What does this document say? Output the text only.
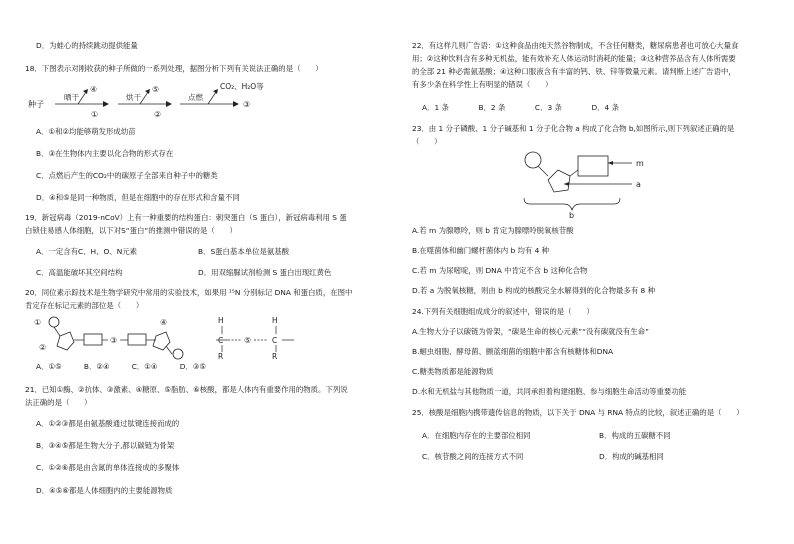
D．为蛙心的持续跳动提供能量
18．下图表示对刚收获的种子所做的一系列处理，据图分析下列有关说法正确的是（　　）
种子
晒干
④
①
烘干
⑤
②
点燃
CO₂、H₂O等
③
A．①和②均能够萌发形成幼苗
B．③在生物体内主要以化合物的形式存在
C．点燃后产生的CO₂中的碳原子全部来自种子中的糖类
D．④和⑤是同一种物质，但是在细胞中的存在形式和含量不同
19．新冠病毒（2019-nCoV）上有一种重要的结构蛋白：刺突蛋白（S 蛋白），新冠病毒利用 S 蛋
白锁住易感人体细胞，以下对S“蛋白”的推测中错误的是（　　）
A．一定含有C、H、O、N元素	B．S蛋白基本单位是氨基酸
C．高温能破坏其空间结构	D．用双缩脲试剂检测 S 蛋白出现红黄色
20．同位素示踪技术是生物学研究中常用的实验技术，如果用 ¹⁵N 分别标记 DNA 和蛋白质，在图中
肯定存在标记元素的部位是（　　）
①
②
③
④	H
C
R
⑤
H
C
R
A．①⑤　　　B．②④　　　C．①④　　　D．③⑤
21．已知①酶、②抗体、③激素、④糖原、⑤脂肪、⑥核酸，都是人体内有重要作用的物质。下列说
法正确的是（　　）
A．①②③都是由氨基酸通过肽键连接而成的
B．③④⑤都是生物大分子,都以碳链为骨架
C．①②⑥都是由含氮的单体连接成的多聚体
D．④⑤⑥都是人体细胞内的主要能源物质
22．有这样几则广告语：①这种食品由纯天然谷物制成，不含任何糖类，糖尿病患者也可放心大量食
用；②这种饮料含有多种无机盐，能有效补充人体运动时消耗的能量；③这种营养品含有人体所需要
的全部 21 种必需氨基酸；④这种口服液含有丰富的钙、铁、锌等微量元素。请判断上述广告语中，
有多少条在科学性上有明显的错误（　　）
A．1 条　　　　B．2 条　　　　C．3 条　　　　D．4 条
23．由 1 分子磷酸、1 分子碱基和 1 分子化合物 a 构成了化合物 b,如图所示,则下列叙述正确的是
（　　）
m
a
b
A.若 m 为腺嘌呤，则 b 肯定为腺嘌呤脱氧核苷酸
B.在噬菌体和幽门螺杆菌体内 b 均有 4 种
C.若 m 为尿嘧啶，则 DNA 中肯定不含 b 这种化合物
D.若 a 为脱氧核糖，则由 b 构成的核酸完全水解得到的化合物最多有 8 种
24.下列有关细胞组成成分的叙述中，错误的是（　　）
A.生物大分子以碳链为骨架，“碳是生命的核心元素”“没有碳就没有生命”
B.蛔虫细胞、酵母菌、颤蓝细菌的细胞中都含有核糖体和DNA
C.糖类物质都是能源物质
D.水和无机盐与其他物质一道，共同承担着构建细胞、参与细胞生命活动等重要功能
25．核酸是细胞内携带遗传信息的物质，以下关于 DNA 与 RNA 特点的比较，叙述正确的是（　　）
A．在细胞内存在的主要部位相同	B．构成的五碳糖不同
C．核苷酸之间的连接方式不同	D．构成的碱基相同
